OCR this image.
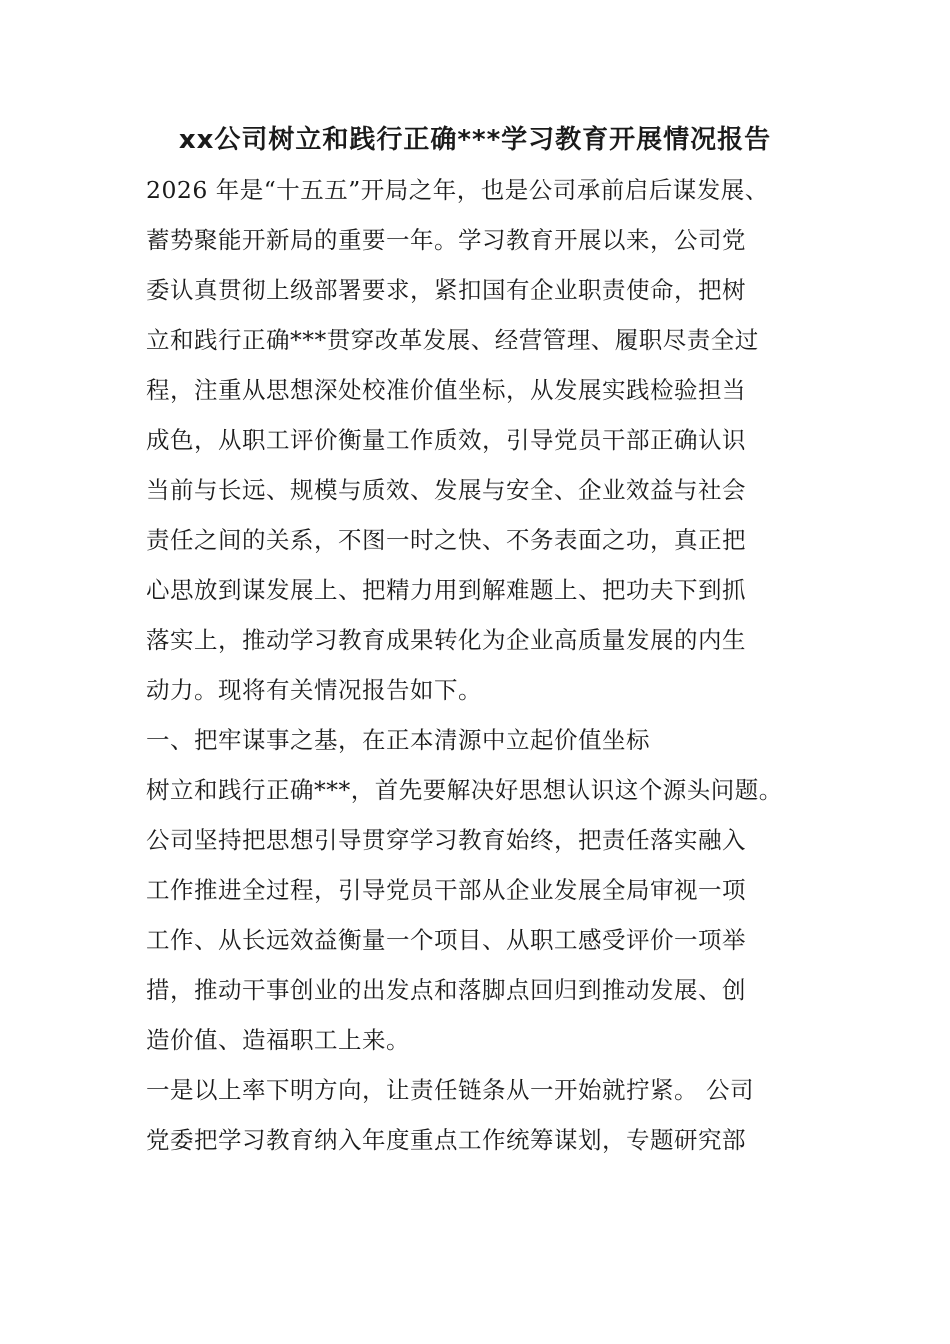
xx公司树立和践行正确***学习教育开展情况报告
2026 年是“十五五”开局之年，也是公司承前启后谋发展、
蓄势聚能开新局的重要一年。学习教育开展以来，公司党
委认真贯彻上级部署要求，紧扣国有企业职责使命，把树
立和践行正确***贯穿改革发展、经营管理、履职尽责全过
程，注重从思想深处校准价值坐标，从发展实践检验担当
成色，从职工评价衡量工作质效，引导党员干部正确认识
当前与长远、规模与质效、发展与安全、企业效益与社会
责任之间的关系，不图一时之快、不务表面之功，真正把
心思放到谋发展上、把精力用到解难题上、把功夫下到抓
落实上，推动学习教育成果转化为企业高质量发展的内生
动力。现将有关情况报告如下。
一、把牢谋事之基，在正本清源中立起价值坐标
树立和践行正确***，首先要解决好思想认识这个源头问题。
公司坚持把思想引导贯穿学习教育始终，把责任落实融入
工作推进全过程，引导党员干部从企业发展全局审视一项
工作、从长远效益衡量一个项目、从职工感受评价一项举
措，推动干事创业的出发点和落脚点回归到推动发展、创
造价值、造福职工上来。
一是以上率下明方向，让责任链条从一开始就拧紧。 公司
党委把学习教育纳入年度重点工作统筹谋划，专题研究部
